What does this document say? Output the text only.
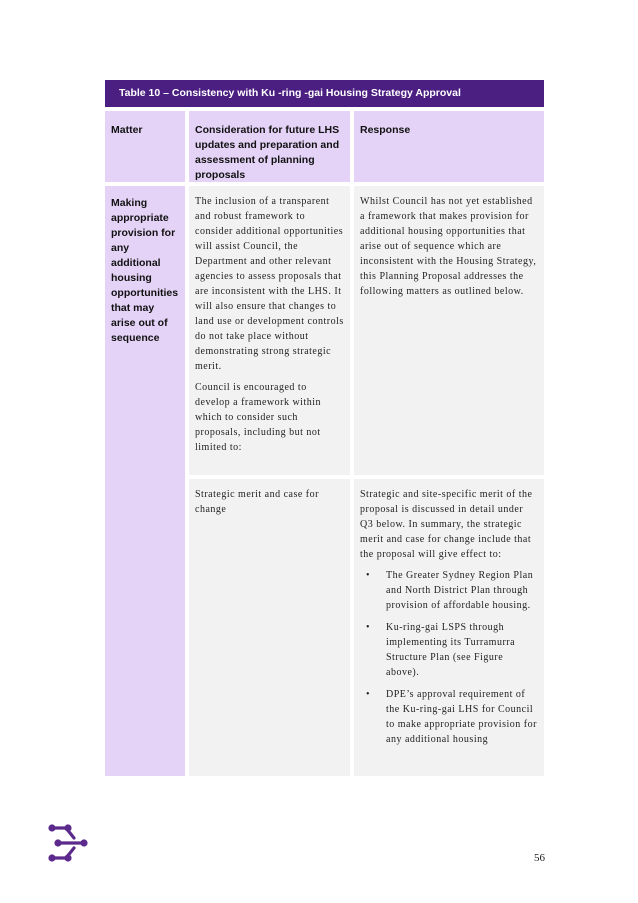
Table 10 – Consistency with Ku -ring -gai Housing Strategy Approval
Matter	Consideration for future LHS updates and preparation and assessment of planning proposals
Response
Making appropriate provision for any additional housing opportunities that may arise out of sequence

The inclusion of a transparent and robust framework to consider additional opportunities will assist Council, the Department and other relevant agencies to assess proposals that are inconsistent with the LHS. It will also ensure that changes to land use or development controls do not take place without demonstrating strong strategic merit.

Council is encouraged to develop a framework within which to consider such proposals, including but not limited to:

Whilst Council has not yet established a framework that makes provision for additional housing opportunities that arise out of sequence which are inconsistent with the Housing Strategy, this Planning Proposal addresses the following matters as outlined below.

Strategic merit and case for change

Strategic and site-specific merit of the proposal is discussed in detail under Q3 below. In summary, the strategic merit and case for change include that the proposal will give effect to:

• The Greater Sydney Region Plan and North District Plan through provision of affordable housing.
• Ku-ring-gai LSPS through implementing its Turramurra Structure Plan (see Figure above).
• DPE’s approval requirement of the Ku-ring-gai LHS for Council to make appropriate provision for any additional housing
56
